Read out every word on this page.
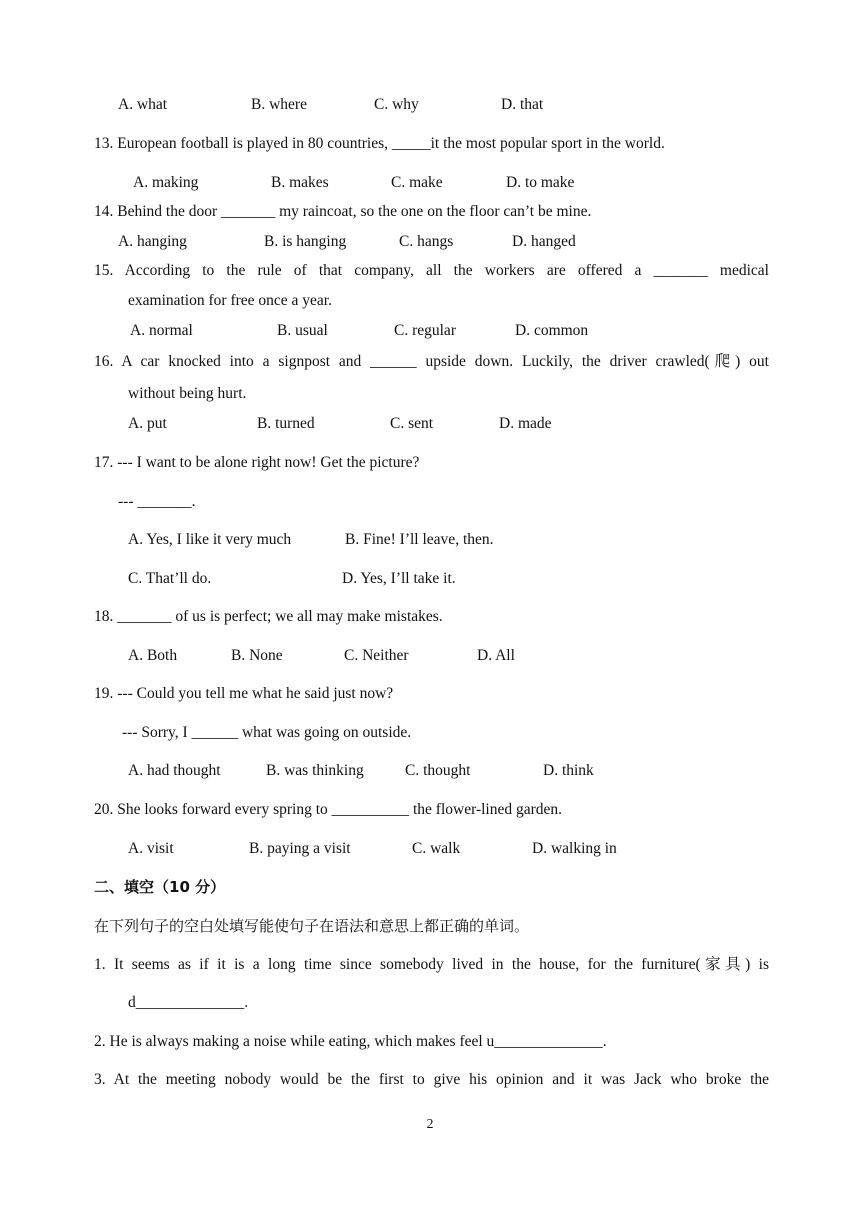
A. what	B. where	C. why	D. that
13. European football is played in 80 countries, _____it the most popular sport in the world.
A. making	B. makes	C. make	D. to make
14. Behind the door _______ my raincoat, so the one on the floor can’t be mine.
A. hanging	B. is hanging	C. hangs	D. hanged
15. According to the rule of that company, all the workers are offered a _______ medical
examination for free once a year.
A. normal	B. usual	C. regular	D. common
16. A car knocked into a signpost and ______ upside down. Luckily, the driver crawled(爬) out
without being hurt.
A. put	B. turned	C. sent	D. made
17. --- I want to be alone right now! Get the picture?
--- _______.
A. Yes, I like it very much	B. Fine! I’ll leave, then.
C. That’ll do.	D. Yes, I’ll take it.
18. _______ of us is perfect; we all may make mistakes.
A. Both	B. None	C. Neither	D. All
19. --- Could you tell me what he said just now?
--- Sorry, I ______ what was going on outside.
A. had thought	B. was thinking	C. thought	D. think
20. She looks forward every spring to __________ the flower-lined garden.
A. visit	B. paying a visit	C. walk	D. walking in
二、填空（10 分）
在下列句子的空白处填写能使句子在语法和意思上都正确的单词。
1. It seems as if it is a long time since somebody lived in the house, for the furniture(家具) is
d______________.
2. He is always making a noise while eating, which makes feel u______________.
3. At the meeting nobody would be the first to give his opinion and it was Jack who broke the
2
